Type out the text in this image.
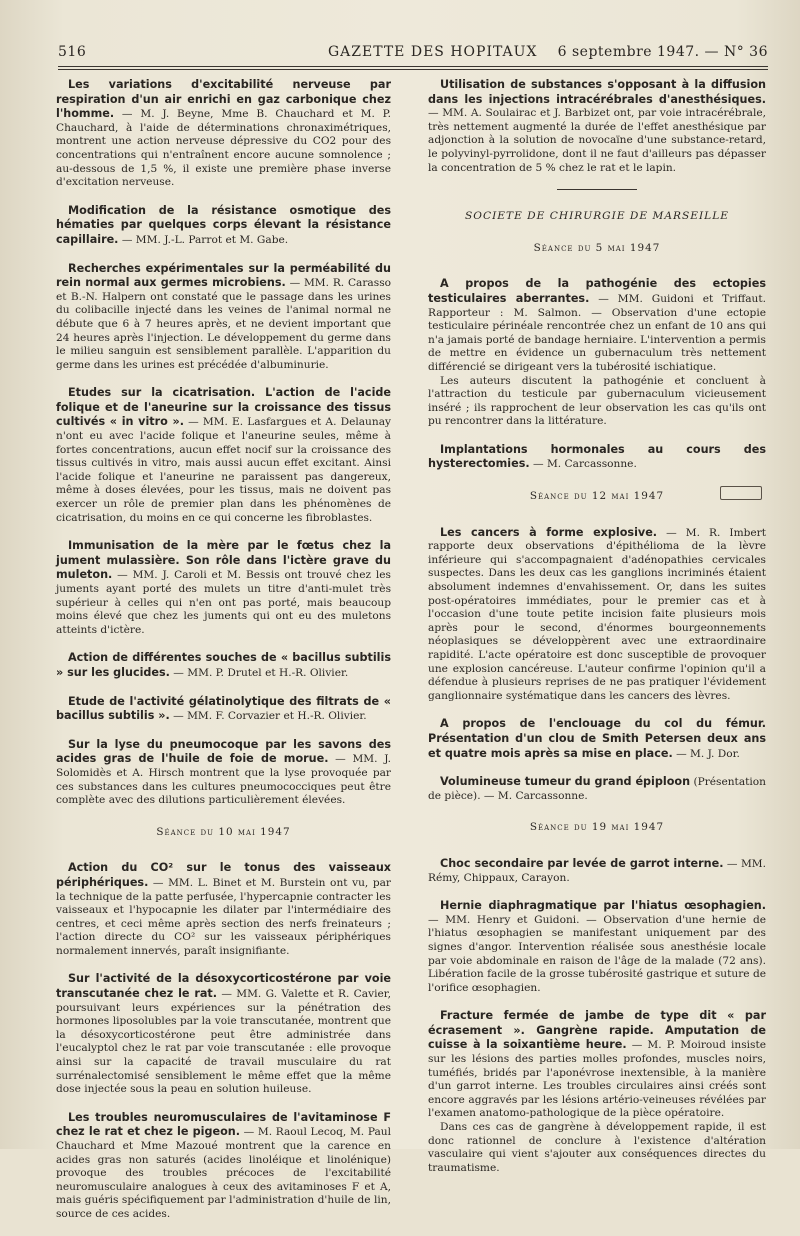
516	GAZETTE DES HOPITAUX 6 septembre 1947. — N° 36
Les variations d'excitabilité nerveuse par respiration d'un air enrichi en gaz carbonique chez l'homme. — M. J. Beyne, Mme B. Chauchard et M. P. Chauchard, à l'aide de déterminations chronaximétriques, montrent une action nerveuse dépressive du CO2 pour des concentrations qui n'entraînent encore aucune somnolence ; au-dessous de 1,5 %, il existe une première phase inverse d'excitation nerveuse.
Modification de la résistance osmotique des hématies par quelques corps élevant la résistance capillaire. — MM. J.-L. Parrot et M. Gabe.
Recherches expérimentales sur la perméabilité du rein normal aux germes microbiens. — MM. R. Carasso et B.-N. Halpern ont constaté que le passage dans les urines du colibacille injecté dans les veines de l'animal normal ne débute que 6 à 7 heures après, et ne devient important que 24 heures après l'injection. Le développement du germe dans le milieu sanguin est sensiblement parallèle. L'apparition du germe dans les urines est précédée d'albuminurie.
Etudes sur la cicatrisation. L'action de l'acide folique et de l'aneurine sur la croissance des tissus cultivés « in vitro ». — MM. E. Lasfargues et A. Delaunay n'ont eu avec l'acide folique et l'aneurine seules, même à fortes concentrations, aucun effet nocif sur la croissance des tissus cultivés in vitro, mais aussi aucun effet excitant. Ainsi l'acide folique et l'aneurine ne paraissent pas dangereux, même à doses élevées, pour les tissus, mais ne doivent pas exercer un rôle de premier plan dans les phénomènes de cicatrisation, du moins en ce qui concerne les fibroblastes.
Immunisation de la mère par le fœtus chez la jument mulassière. Son rôle dans l'ictère grave du muleton. — MM. J. Caroli et M. Bessis ont trouvé chez les juments ayant porté des mulets un titre d'anti-mulet très supérieur à celles qui n'en ont pas porté, mais beaucoup moins élevé que chez les juments qui ont eu des muletons atteints d'ictère.
Action de différentes souches de « bacillus subtilis » sur les glucides. — MM. P. Drutel et H.-R. Olivier.
Etude de l'activité gélatinolytique des filtrats de « bacillus subtilis ». — MM. F. Corvazier et H.-R. Olivier.
Sur la lyse du pneumocoque par les savons des acides gras de l'huile de foie de morue. — MM. J. Solomidès et A. Hirsch montrent que la lyse provoquée par ces substances dans les cultures pneumococciques peut être complète avec des dilutions particulièrement élevées.
Séance du 10 mai 1947
Action du CO² sur le tonus des vaisseaux périphériques. — MM. L. Binet et M. Burstein ont vu, par la technique de la patte perfusée, l'hypercapnie contracter les vaisseaux et l'hypocapnie les dilater par l'intermédiaire des centres, et ceci même après section des nerfs freinateurs ; l'action directe du CO² sur les vaisseaux périphériques normalement innervés, paraît insignifiante.
Sur l'activité de la désoxycorticostérone par voie transcutanée chez le rat. — MM. G. Valette et R. Cavier, poursuivant leurs expériences sur la pénétration des hormones liposolubles par la voie transcutanée, montrent que la désoxycorticostérone peut être administrée dans l'eucalyptol chez le rat par voie transcutanée : elle provoque ainsi sur la capacité de travail musculaire du rat surrénalectomisé sensiblement le même effet que la même dose injectée sous la peau en solution huileuse.
Les troubles neuromusculaires de l'avitaminose F chez le rat et chez le pigeon. — M. Raoul Lecoq, M. Paul Chauchard et Mme Mazoué montrent que la carence en acides gras non saturés (acides linoléique et linolénique) provoque des troubles précoces de l'excitabilité neuromusculaire analogues à ceux des avitaminoses F et A, mais guéris spécifiquement par l'administration d'huile de lin, source de ces acides.
Utilisation de substances s'opposant à la diffusion dans les injections intracérébrales d'anesthésiques. — MM. A. Soulairac et J. Barbizet ont, par voie intracérébrale, très nettement augmenté la durée de l'effet anesthésique par adjonction à la solution de novocaïne d'une substance-retard, le polyvinyl-pyrrolidone, dont il ne faut d'ailleurs pas dépasser la concentration de 5 % chez le rat et le lapin.
SOCIETE DE CHIRURGIE DE MARSEILLE
Séance du 5 mai 1947
A propos de la pathogénie des ectopies testiculaires aberrantes. — MM. Guidoni et Triffaut. Rapporteur : M. Salmon. — Observation d'une ectopie testiculaire périnéale rencontrée chez un enfant de 10 ans qui n'a jamais porté de bandage herniaire. L'intervention a permis de mettre en évidence un gubernaculum très nettement différencié se dirigeant vers la tubérosité ischiatique.

Les auteurs discutent la pathogénie et concluent à l'attraction du testicule par gubernaculum vicieusement inséré ; ils rapprochent de leur observation les cas qu'ils ont pu rencontrer dans la littérature.

Implantations hormonales au cours des hysterectomies. — M. Carcassonne.
Séance du 12 mai 1947
Les cancers à forme explosive. — M. R. Imbert rapporte deux observations d'épithélioma de la lèvre inférieure qui s'accompagnaient d'adénopathies cervicales suspectes. Dans les deux cas les ganglions incriminés étaient absolument indemnes d'envahissement. Or, dans les suites post-opératoires immédiates, pour le premier cas et à l'occasion d'une toute petite incision faite plusieurs mois après pour le second, d'énormes bourgeonnements néoplasiques se développèrent avec une extraordinaire rapidité. L'acte opératoire est donc susceptible de provoquer une explosion cancéreuse. L'auteur confirme l'opinion qu'il a défendue à plusieurs reprises de ne pas pratiquer l'évidement ganglionnaire systématique dans les cancers des lèvres.
A propos de l'enclouage du col du fémur. Présentation d'un clou de Smith Petersen deux ans et quatre mois après sa mise en place. — M. J. Dor.
Volumineuse tumeur du grand épiploon (Présentation de pièce). — M. Carcassonne.
Séance du 19 mai 1947
Choc secondaire par levée de garrot interne. — MM. Rémy, Chippaux, Carayon.
Hernie diaphragmatique par l'hiatus œsophagien. — MM. Henry et Guidoni. — Observation d'une hernie de l'hiatus œsophagien se manifestant uniquement par des signes d'angor. Intervention réalisée sous anesthésie locale par voie abdominale en raison de l'âge de la malade (72 ans). Libération facile de la grosse tubérosité gastrique et suture de l'orifice œsophagien.
Fracture fermée de jambe de type dit « par écrasement ». Gangrène rapide. Amputation de cuisse à la soixantième heure. — M. P. Moiroud insiste sur les lésions des parties molles profondes, muscles noirs, tuméfiés, bridés par l'aponévrose inextensible, à la manière d'un garrot interne. Les troubles circulaires ainsi créés sont encore aggravés par les lésions artério-veineuses révélées par l'examen anatomo-pathologique de la pièce opératoire.

Dans ces cas de gangrène à développement rapide, il est donc rationnel de conclure à l'existence d'altération vasculaire qui vient s'ajouter aux conséquences directes du traumatisme.
